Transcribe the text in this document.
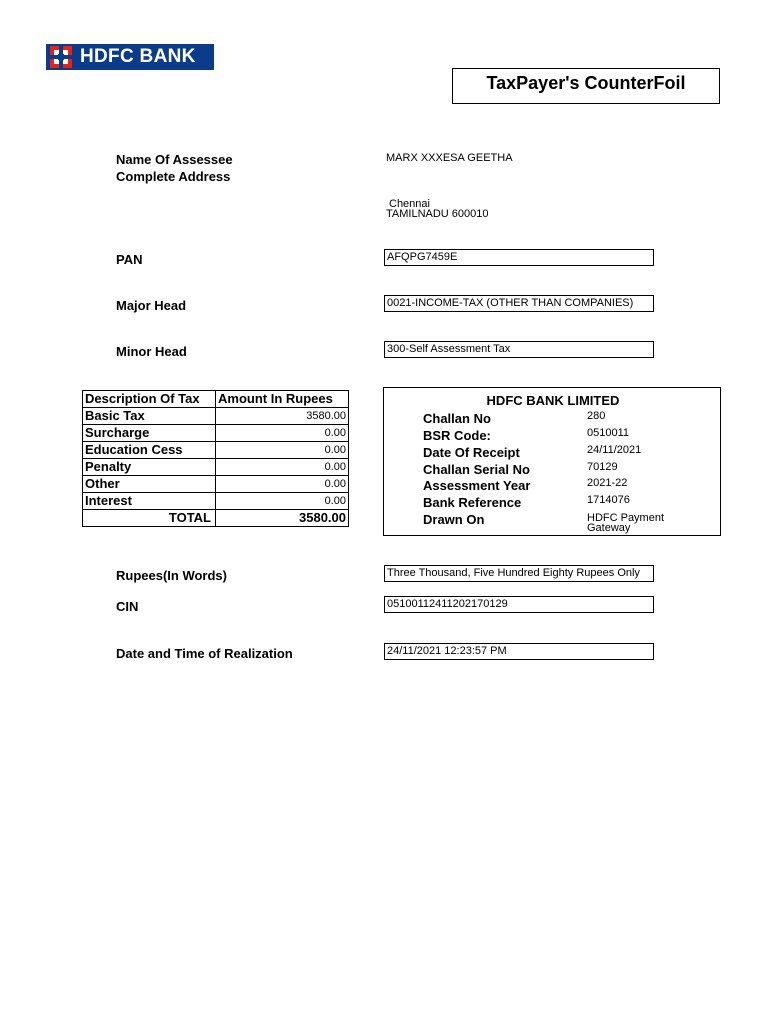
HDFC BANK
TaxPayer's CounterFoil
Name Of Assessee	MARX XXXESA GEETHA
Complete Address
Chennai
TAMILNADU 600010
PAN	AFQPG7459E
Major Head	0021-INCOME-TAX (OTHER THAN COMPANIES)
Minor Head	300-Self Assessment Tax
Description Of Tax	Amount In Rupees
Basic Tax	3580.00
Surcharge	0.00
Education Cess	0.00
Penalty	0.00
Other	0.00
Interest	0.00
TOTAL	3580.00
HDFC BANK LIMITED
Challan No	280
BSR Code:	0510011
Date Of Receipt	24/11/2021
Challan Serial No	70129
Assessment Year	2021-22
Bank Reference	1714076
Drawn On	HDFC Payment
Gateway
Rupees(In Words)	Three Thousand, Five Hundred Eighty Rupees Only
CIN	05100112411202170129
Date and Time of Realization	24/11/2021 12:23:57 PM
